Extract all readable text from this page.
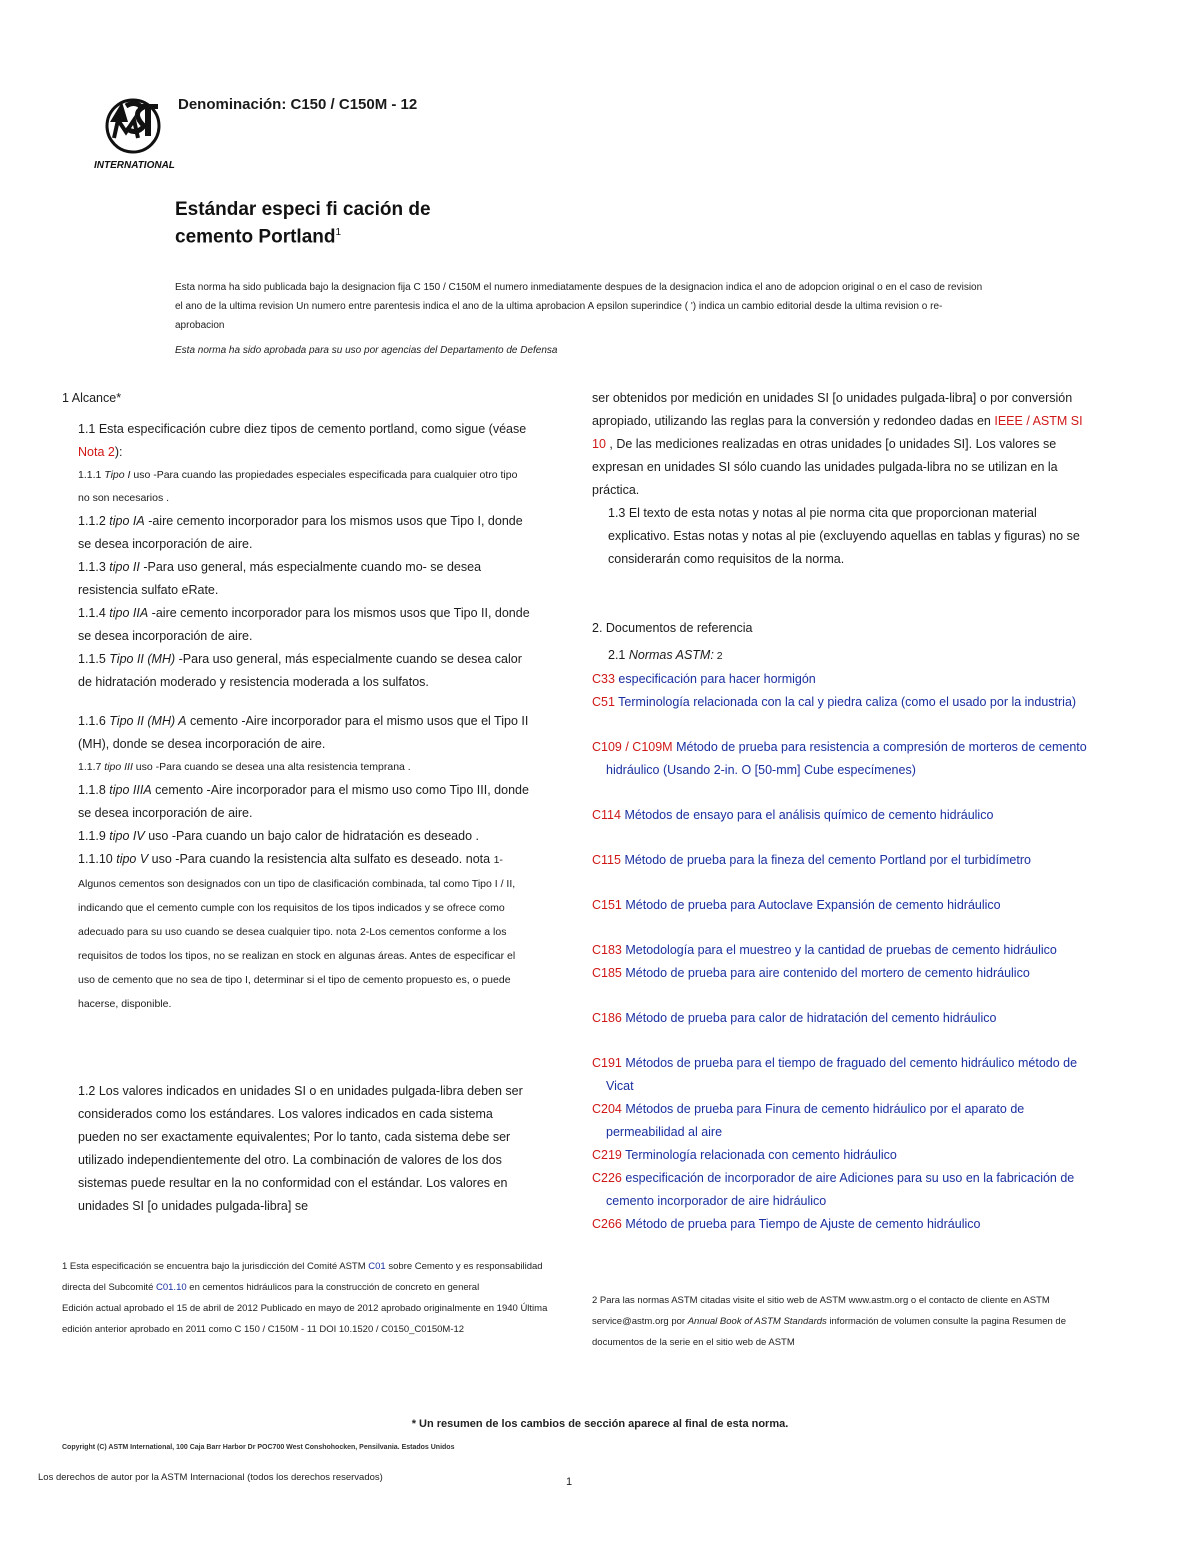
INTERNATIONAL
Denominación: C150 / C150M - 12
Estándar especi fi cación de
cemento Portland$^1$
Esta norma ha sido publicada bajo la designacion fija C 150 / C150M el numero inmediatamente despues de la designacion indica el ano de adopcion original o en el caso de revision el ano de la ultima revision Un numero entre parentesis indica el ano de la ultima aprobacion A epsilon superindice ( ') indica un cambio editorial desde la ultima revision o re-aprobacion
Esta norma ha sido aprobada para su uso por agencias del Departamento de Defensa

1 Alcance*

1.1 Esta especificación cubre diez tipos de cemento portland, como sigue (véase Nota 2):

1.1.1 Tipo I uso -Para cuando las propiedades especiales especificada para cualquier otro tipo no son necesarios .

1.1.2 tipo IA -aire cemento incorporador para los mismos usos que Tipo I, donde se desea incorporación de aire.

1.1.3 tipo II -Para uso general, más especialmente cuando mo- se desea resistencia sulfato eRate.

1.1.4 tipo IIA -aire cemento incorporador para los mismos usos que Tipo II, donde se desea incorporación de aire.

1.1.5 Tipo II (MH) -Para uso general, más especialmente cuando se desea calor de hidratación moderado y resistencia moderada a los sulfatos.

1.1.6 Tipo II (MH) A cemento -Aire incorporador para el mismo usos que el Tipo II (MH), donde se desea incorporación de aire.

1.1.7 tipo III uso -Para cuando se desea una alta resistencia temprana .

1.1.8 tipo IIIA cemento -Aire incorporador para el mismo uso como Tipo III, donde se desea incorporación de aire.

1.1.9 tipo IV uso -Para cuando un bajo calor de hidratación es deseado .

1.1.10 tipo V uso -Para cuando la resistencia alta sulfato es deseado. nota 1-Algunos cementos son designados con un tipo de clasificación combinada, tal como Tipo I / II, indicando que el cemento cumple con los requisitos de los tipos indicados y se ofrece como adecuado para su uso cuando se desea cualquier tipo. nota 2-Los cementos conforme a los requisitos de todos los tipos, no se realizan en stock en algunas áreas. Antes de especificar el uso de cemento que no sea de tipo I, determinar si el tipo de cemento propuesto es, o puede hacerse, disponible.

1.2 Los valores indicados en unidades SI o en unidades pulgada-libra deben ser considerados como los estándares. Los valores indicados en cada sistema pueden no ser exactamente equivalentes; Por lo tanto, cada sistema debe ser utilizado independientemente del otro. La combinación de valores de los dos sistemas puede resultar en la no conformidad con el estándar. Los valores en unidades SI [o unidades pulgada-libra] se

ser obtenidos por medición en unidades SI [o unidades pulgada-libra] o por conversión apropiado, utilizando las reglas para la conversión y redondeo dadas en IEEE / ASTM SI 10 , De las mediciones realizadas en otras unidades [o unidades SI]. Los valores se expresan en unidades SI sólo cuando las unidades pulgada-libra no se utilizan en la práctica.

1.3 El texto de esta notas y notas al pie norma cita que proporcionan material explicativo. Estas notas y notas al pie (excluyendo aquellas en tablas y figuras) no se considerarán como requisitos de la norma.

2. Documentos de referencia

2.1 Normas ASTM: 2

C33 especificación para hacer hormigón

C51 Terminología relacionada con la cal y piedra caliza (como el usado por la industria)

C109 / C109M Método de prueba para resistencia a compresión de morteros de cemento hidráulico (Usando 2-in. O [50-mm] Cube especímenes)

C114 Métodos de ensayo para el análisis químico de cemento hidráulico

C115 Método de prueba para la fineza del cemento Portland por el turbidímetro

C151 Método de prueba para Autoclave Expansión de cemento hidráulico

C183 Metodología para el muestreo y la cantidad de pruebas de cemento hidráulico

C185 Método de prueba para aire contenido del mortero de cemento hidráulico

C186 Método de prueba para calor de hidratación del cemento hidráulico

C191 Métodos de prueba para el tiempo de fraguado del cemento hidráulico método de Vicat

C204 Métodos de prueba para Finura de cemento hidráulico por el aparato de permeabilidad al aire

C219 Terminología relacionada con cemento hidráulico

C226 especificación de incorporador de aire Adiciones para su uso en la fabricación de cemento incorporador de aire hidráulico

C266 Método de prueba para Tiempo de Ajuste de cemento hidráulico

1 Esta especificación se encuentra bajo la jurisdicción del Comité ASTM C01 sobre Cemento y es responsabilidad directa del Subcomité C01.10 en cementos hidráulicos para la construcción de concreto en general
Edición actual aprobado el 15 de abril de 2012 Publicado en mayo de 2012 aprobado originalmente en 1940 Última edición anterior aprobado en 2011 como C 150 / C150M - 11 DOI 10.1520 / C0150_C0150M-12
2 Para las normas ASTM citadas visite el sitio web de ASTM www.astm.org o el contacto de cliente en ASTM service@astm.org por Annual Book of ASTM Standards información de volumen consulte la pagina Resumen de documentos de la serie en el sitio web de ASTM
* Un resumen de los cambios de sección aparece al final de esta norma.
Copyright (C) ASTM International, 100 Caja Barr Harbor Dr POC700 West Conshohocken, Pensilvania. Estados Unidos
Los derechos de autor por la ASTM Internacional (todos los derechos reservados)	1
